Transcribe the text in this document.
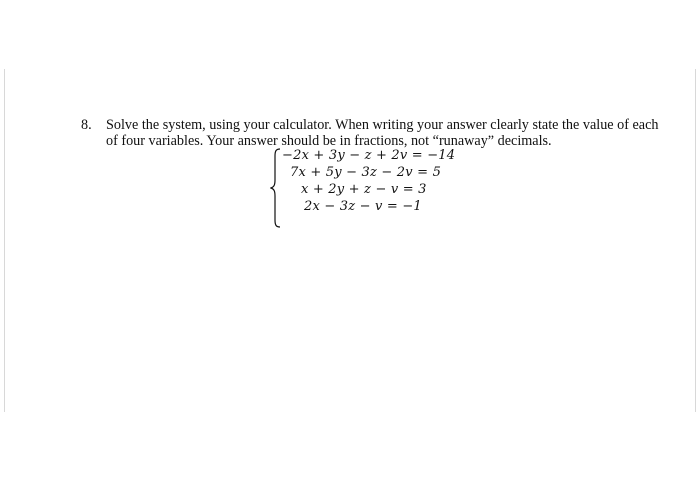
8. Solve the system, using your calculator. When writing your answer clearly state the value of each
of four variables. Your answer should be in fractions, not “runaway” decimals.
−2x + 3y − z + 2v = −14
7x + 5y − 3z − 2v = 5
x + 2y + z − v = 3
2x − 3z − v = −1
